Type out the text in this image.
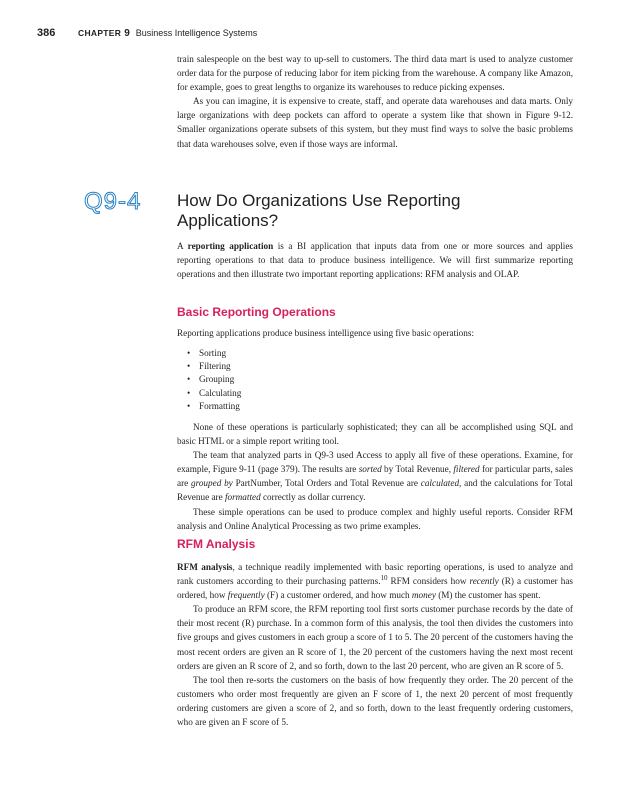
386	CHAPTER 9 Business Intelligence Systems

train salespeople on the best way to up-sell to customers. The third data mart is used to analyze customer order data for the purpose of reducing labor for item picking from the warehouse. A company like Amazon, for example, goes to great lengths to organize its warehouses to reduce picking expenses.

As you can imagine, it is expensive to create, staff, and operate data warehouses and data marts. Only large organizations with deep pockets can afford to operate a system like that shown in Figure 9-12. Smaller organizations operate subsets of this system, but they must find ways to solve the basic problems that data warehouses solve, even if those ways are informal.

Q9-4 How Do Organizations Use Reporting Applications?

A reporting application is a BI application that inputs data from one or more sources and applies reporting operations to that data to produce business intelligence. We will first summarize reporting operations and then illustrate two important reporting applications: RFM analysis and OLAP.

Basic Reporting Operations

Reporting applications produce business intelligence using five basic operations:

• Sorting
• Filtering
• Grouping
• Calculating
• Formatting

None of these operations is particularly sophisticated; they can all be accomplished using SQL and basic HTML or a simple report writing tool.

The team that analyzed parts in Q9-3 used Access to apply all five of these operations. Examine, for example, Figure 9-11 (page 379). The results are sorted by Total Revenue, filtered for particular parts, sales are grouped by PartNumber, Total Orders and Total Revenue are calculated, and the calculations for Total Revenue are formatted correctly as dollar currency.

These simple operations can be used to produce complex and highly useful reports. Consider RFM analysis and Online Analytical Processing as two prime examples.

RFM Analysis

RFM analysis, a technique readily implemented with basic reporting operations, is used to analyze and rank customers according to their purchasing patterns.$^{10}$ RFM considers how recently (R) a customer has ordered, how frequently (F) a customer ordered, and how much money (M) the customer has spent.

To produce an RFM score, the RFM reporting tool first sorts customer purchase records by the date of their most recent (R) purchase. In a common form of this analysis, the tool then divides the customers into five groups and gives customers in each group a score of 1 to 5. The 20 percent of the customers having the most recent orders are given an R score of 1, the 20 percent of the customers having the next most recent orders are given an R score of 2, and so forth, down to the last 20 percent, who are given an R score of 5.

The tool then re-sorts the customers on the basis of how frequently they order. The 20 percent of the customers who order most frequently are given an F score of 1, the next 20 percent of most frequently ordering customers are given a score of 2, and so forth, down to the least frequently ordering customers, who are given an F score of 5.
